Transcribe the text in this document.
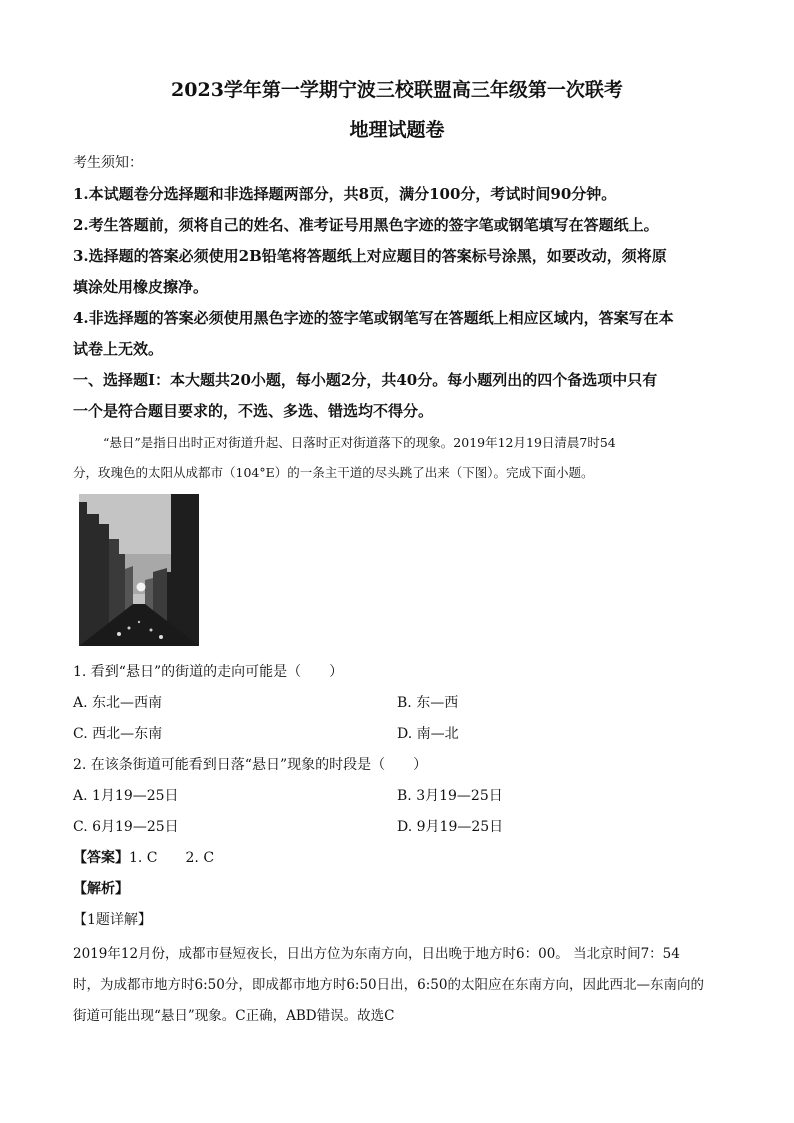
2023学年第一学期宁波三校联盟高三年级第一次联考
地理试题卷
考生须知：
1.本试题卷分选择题和非选择题两部分，共8页，满分100分，考试时间90分钟。
2.考生答题前，须将自己的姓名、准考证号用黑色字迹的签字笔或钢笔填写在答题纸上。
3.选择题的答案必须使用2B铅笔将答题纸上对应题目的答案标号涂黑，如要改动，须将原
填涂处用橡皮擦净。
4.非选择题的答案必须使用黑色字迹的签字笔或钢笔写在答题纸上相应区域内，答案写在本
试卷上无效。
一、选择题Ⅰ：本大题共20小题，每小题2分，共40分。每小题列出的四个备选项中只有
一个是符合题目要求的，不选、多选、错选均不得分。
“悬日”是指日出时正对街道升起、日落时正对街道落下的现象。2019年12月19日清晨7时54
分，玫瑰色的太阳从成都市（104°E）的一条主干道的尽头跳了出来（下图）。完成下面小题。
1. 看到“悬日”的街道的走向可能是（　　）
A. 东北—西南	B. 东—西
C. 西北—东南	D. 南—北
2. 在该条街道可能看到日落“悬日”现象的时段是（　　）
A. 1月19—25日	B. 3月19—25日
C. 6月19—25日	D. 9月19—25日
【答案】1. C　　2. C
【解析】
【1题详解】
2019年12月份，成都市昼短夜长，日出方位为东南方向，日出晚于地方时6：00。 当北京时间7：54
时，为成都市地方时6:50分，即成都市地方时6:50日出，6:50的太阳应在东南方向，因此西北—东南向的
街道可能出现“悬日”现象。C正确，ABD错误。故选C
